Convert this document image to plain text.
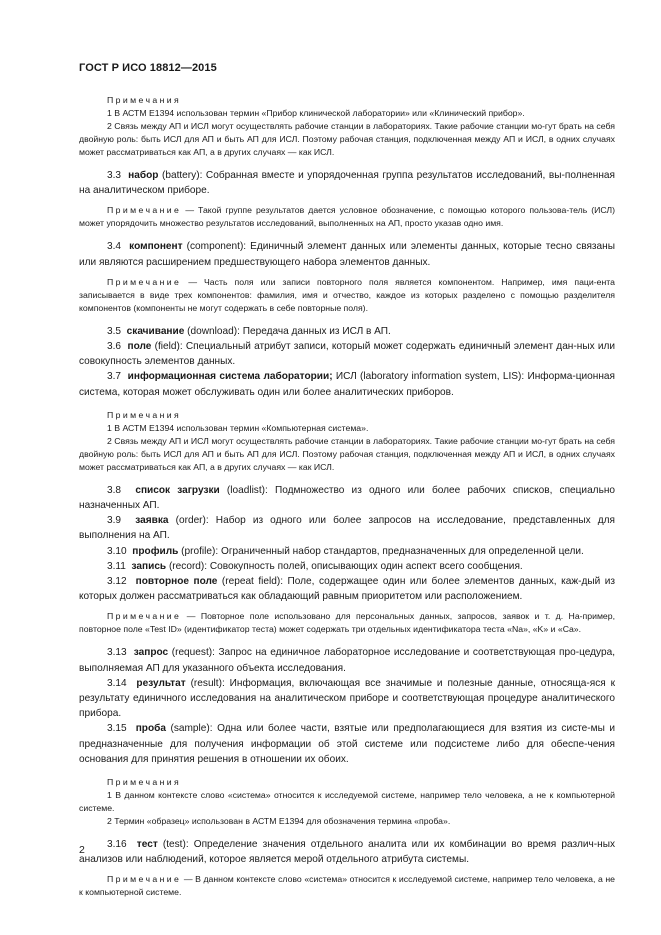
ГОСТ Р ИСО 18812—2015

Примечания

1 В АСТМ Е1394 использован термин «Прибор клинической лаборатории» или «Клинический прибор».

2 Связь между АП и ИСЛ могут осуществлять рабочие станции в лабораториях. Такие рабочие станции мо-гут брать на себя двойную роль: быть ИСЛ для АП и быть АП для ИСЛ. Поэтому рабочая станция, подключенная между АП и ИСЛ, в одних случаях может рассматриваться как АП, а в других случаях — как ИСЛ.

3.3 набор (battery): Собранная вместе и упорядоченная группа результатов исследований, вы-полненная на аналитическом приборе.

Примечание — Такой группе результатов дается условное обозначение, с помощью которого пользова-тель (ИСЛ) может упорядочить множество результатов исследований, выполненных на АП, просто указав одно имя.

3.4 компонент (component): Единичный элемент данных или элементы данных, которые тесно связаны или являются расширением предшествующего набора элементов данных.

Примечание — Часть поля или записи повторного поля является компонентом. Например, имя паци-ента записывается в виде трех компонентов: фамилия, имя и отчество, каждое из которых разделено с помощью разделителя компонентов (компоненты не могут содержать в себе повторные поля).

3.5 скачивание (download): Передача данных из ИСЛ в АП.

3.6 поле (field): Специальный атрибут записи, который может содержать единичный элемент дан-ных или совокупность элементов данных.

3.7 информационная система лаборатории; ИСЛ (laboratory information system, LIS): Информа-ционная система, которая может обслуживать один или более аналитических приборов.

Примечания

1 В АСТМ Е1394 использован термин «Компьютерная система».

2 Связь между АП и ИСЛ могут осуществлять рабочие станции в лабораториях. Такие рабочие станции мо-гут брать на себя двойную роль: быть ИСЛ для АП и быть АП для ИСЛ. Поэтому рабочая станция, подключенная между АП и ИСЛ, в одних случаях может рассматриваться как АП, а в других случаях — как ИСЛ.

3.8 список загрузки (loadlist): Подмножество из одного или более рабочих списков, специально назначенных АП.

3.9 заявка (order): Набор из одного или более запросов на исследование, представленных для выполнения на АП.

3.10 профиль (profile): Ограниченный набор стандартов, предназначенных для определенной цели.

3.11 запись (record): Совокупность полей, описывающих один аспект всего сообщения.

3.12 повторное поле (repeat field): Поле, содержащее один или более элементов данных, каж-дый из которых должен рассматриваться как обладающий равным приоритетом или расположением.

Примечание — Повторное поле использовано для персональных данных, запросов, заявок и т. д. На-пример, повторное поле «Test ID» (идентификатор теста) может содержать три отдельных идентификатора теста «Na», «K» и «Ca».

3.13 запрос (request): Запрос на единичное лабораторное исследование и соответствующая про-цедура, выполняемая АП для указанного объекта исследования.

3.14 результат (result): Информация, включающая все значимые и полезные данные, относяща-яся к результату единичного исследования на аналитическом приборе и соответствующая процедуре аналитического прибора.

3.15 проба (sample): Одна или более части, взятые или предполагающиеся для взятия из систе-мы и предназначенные для получения информации об этой системе или подсистеме либо для обеспе-чения основания для принятия решения в отношении их обоих.

Примечания

1 В данном контексте слово «система» относится к исследуемой системе, например тело человека, а не к компьютерной системе.

2 Термин «образец» использован в АСТМ Е1394 для обозначения термина «проба».

3.16 тест (test): Определение значения отдельного аналита или их комбинации во время различ-ных анализов или наблюдений, которое является мерой отдельного атрибута системы.

Примечание — В данном контексте слово «система» относится к исследуемой системе, например тело человека, а не к компьютерной системе.

2
